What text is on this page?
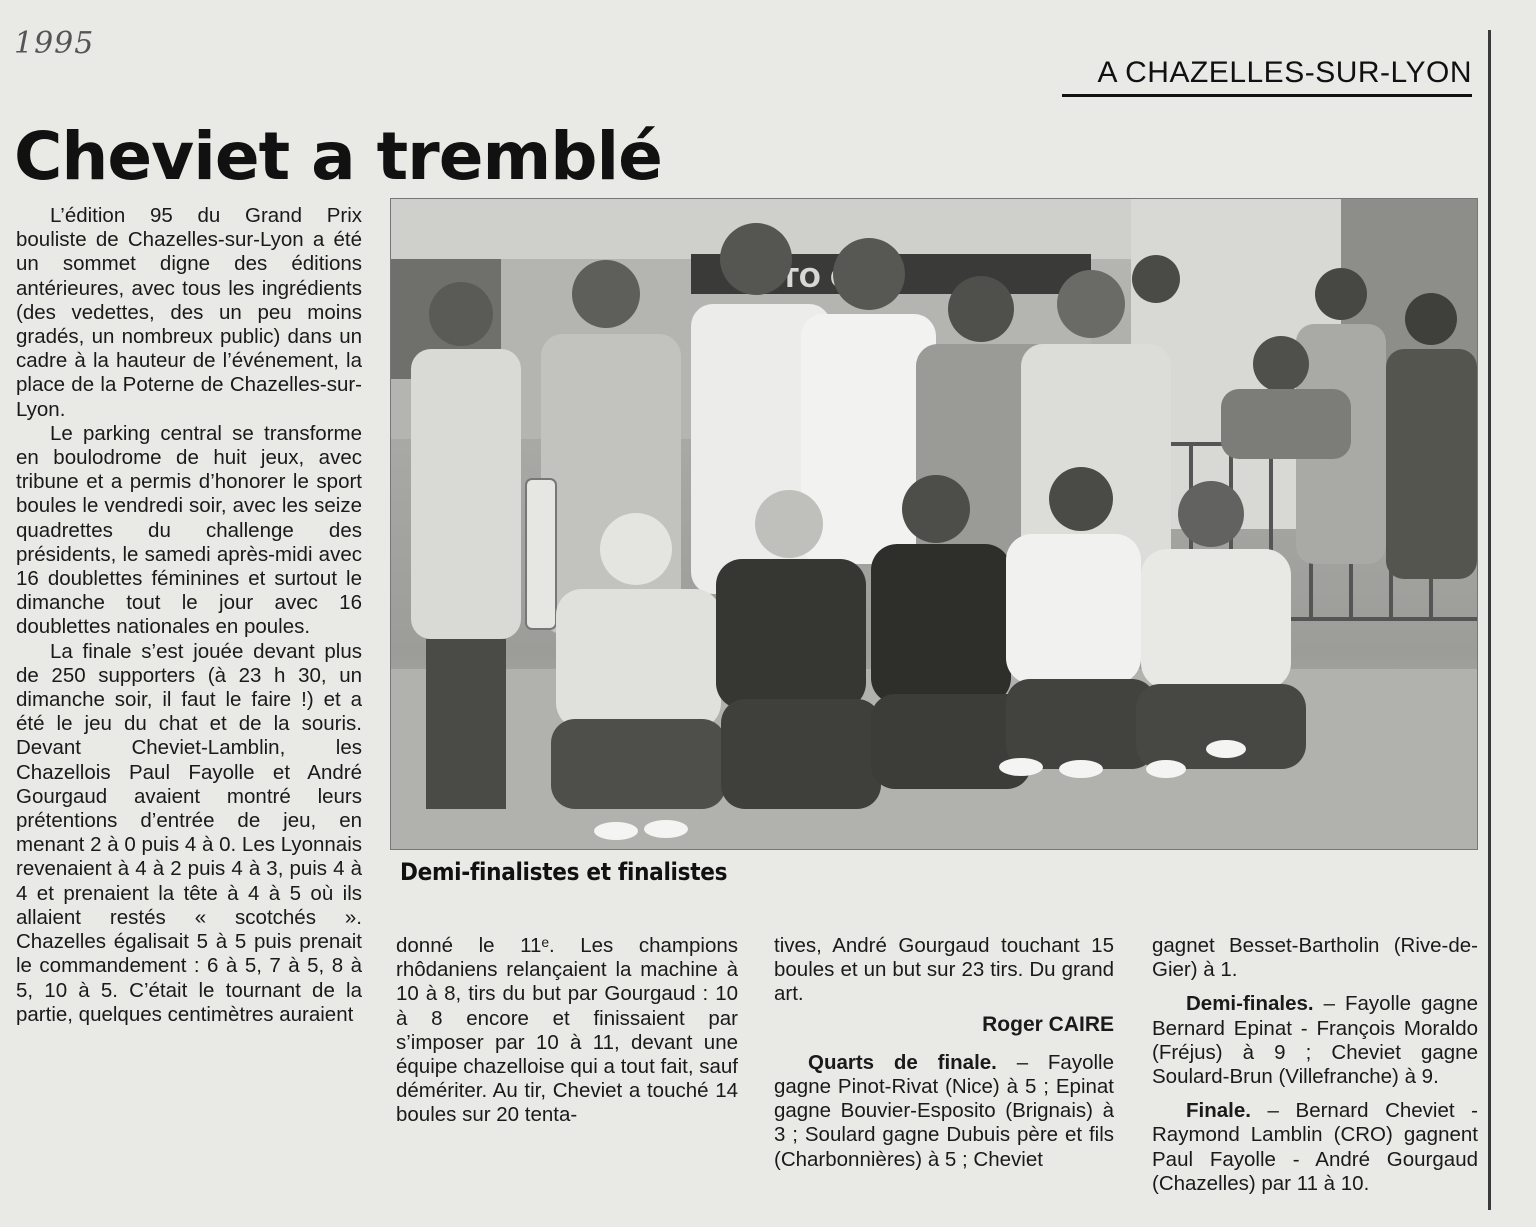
1995
A CHAZELLES-SUR-LYON
Cheviet a tremblé

L’édition 95 du Grand Prix bouliste de Chazelles-sur-Lyon a été un sommet digne des éditions antérieures, avec tous les ingrédients (des vedettes, des un peu moins gradés, un nombreux public) dans un cadre à la hauteur de l’événement, la place de la Poterne de Chazelles-sur-Lyon.

Le parking central se transforme en boulodrome de huit jeux, avec tribune et a permis d’honorer le sport boules le vendredi soir, avec les seize quadrettes du challenge des présidents, le samedi après-midi avec 16 doublettes féminines et surtout le dimanche tout le jour avec 16 doublettes nationales en poules.

La finale s’est jouée devant plus de 250 supporters (à 23 h 30, un dimanche soir, il faut le faire !) et a été le jeu du chat et de la souris. Devant Cheviet-Lamblin, les Chazellois Paul Fayolle et André Gourgaud avaient montré leurs prétentions d’entrée de jeu, en menant 2 à 0 puis 4 à 0. Les Lyonnais revenaient à 4 à 2 puis 4 à 3, puis 4 à 4 et prenaient la tête à 4 à 5 où ils allaient restés « scotchés ». Chazelles égalisait 5 à 5 puis prenait le commandement : 6 à 5, 7 à 5, 8 à 5, 10 à 5. C’était le tournant de la partie, quelques centimètres auraient

TO
Demi-finalistes et finalistes

donné le 11ᵉ. Les champions rhôdaniens relançaient la machine à 10 à 8, tirs du but par Gourgaud : 10 à 8 encore et finissaient par s’imposer par 10 à 11, devant une équipe chazelloise qui a tout fait, sauf démériter. Au tir, Cheviet a touché 14 boules sur 20 tenta-

tives, André Gourgaud touchant 15 boules et un but sur 23 tirs. Du grand art.

Roger CAIRE

Quarts de finale. – Fayolle gagne Pinot-Rivat (Nice) à 5 ; Epinat gagne Bouvier-Esposito (Brignais) à 3 ; Soulard gagne Dubuis père et fils (Charbonnières) à 5 ; Cheviet

gagnet Besset-Bartholin (Rive-de-Gier) à 1.

Demi-finales. – Fayolle gagne Bernard Epinat - François Moraldo (Fréjus) à 9 ; Cheviet gagne Soulard-Brun (Villefranche) à 9.

Finale. – Bernard Cheviet - Raymond Lamblin (CRO) gagnent Paul Fayolle - André Gourgaud (Chazelles) par 11 à 10.
